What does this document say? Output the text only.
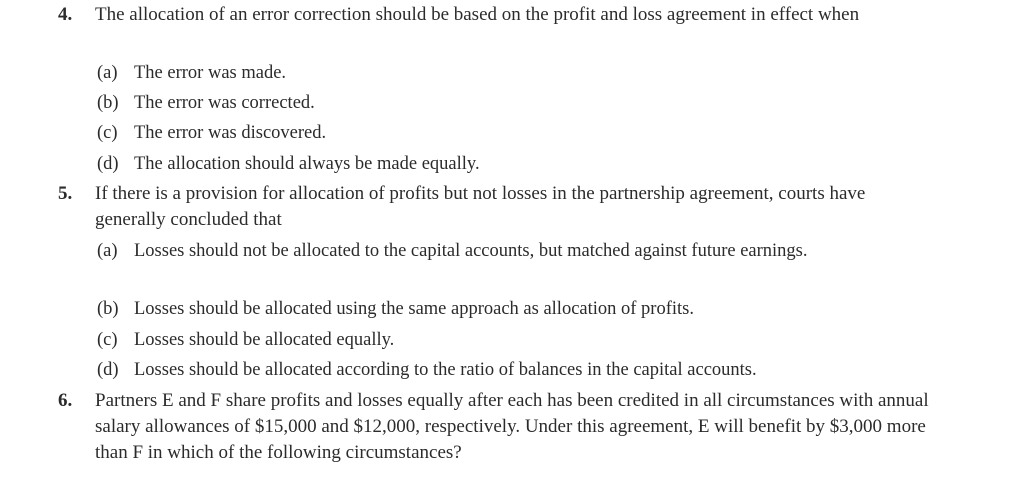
4. The allocation of an error correction should be based on the profit and loss agreement in effect when
(a) The error was made.
(b) The error was corrected.
(c) The error was discovered.
(d) The allocation should always be made equally.
5. If there is a provision for allocation of profits but not losses in the partnership agreement, courts have generally concluded that
(a) Losses should not be allocated to the capital accounts, but matched against future earnings.
(b) Losses should be allocated using the same approach as allocation of profits.
(c) Losses should be allocated equally.
(d) Losses should be allocated according to the ratio of balances in the capital accounts.
6. Partners E and F share profits and losses equally after each has been credited in all circumstances with annual salary allowances of $15,000 and $12,000, respectively. Under this agreement, E will benefit by $3,000 more than F in which of the following circumstances?
